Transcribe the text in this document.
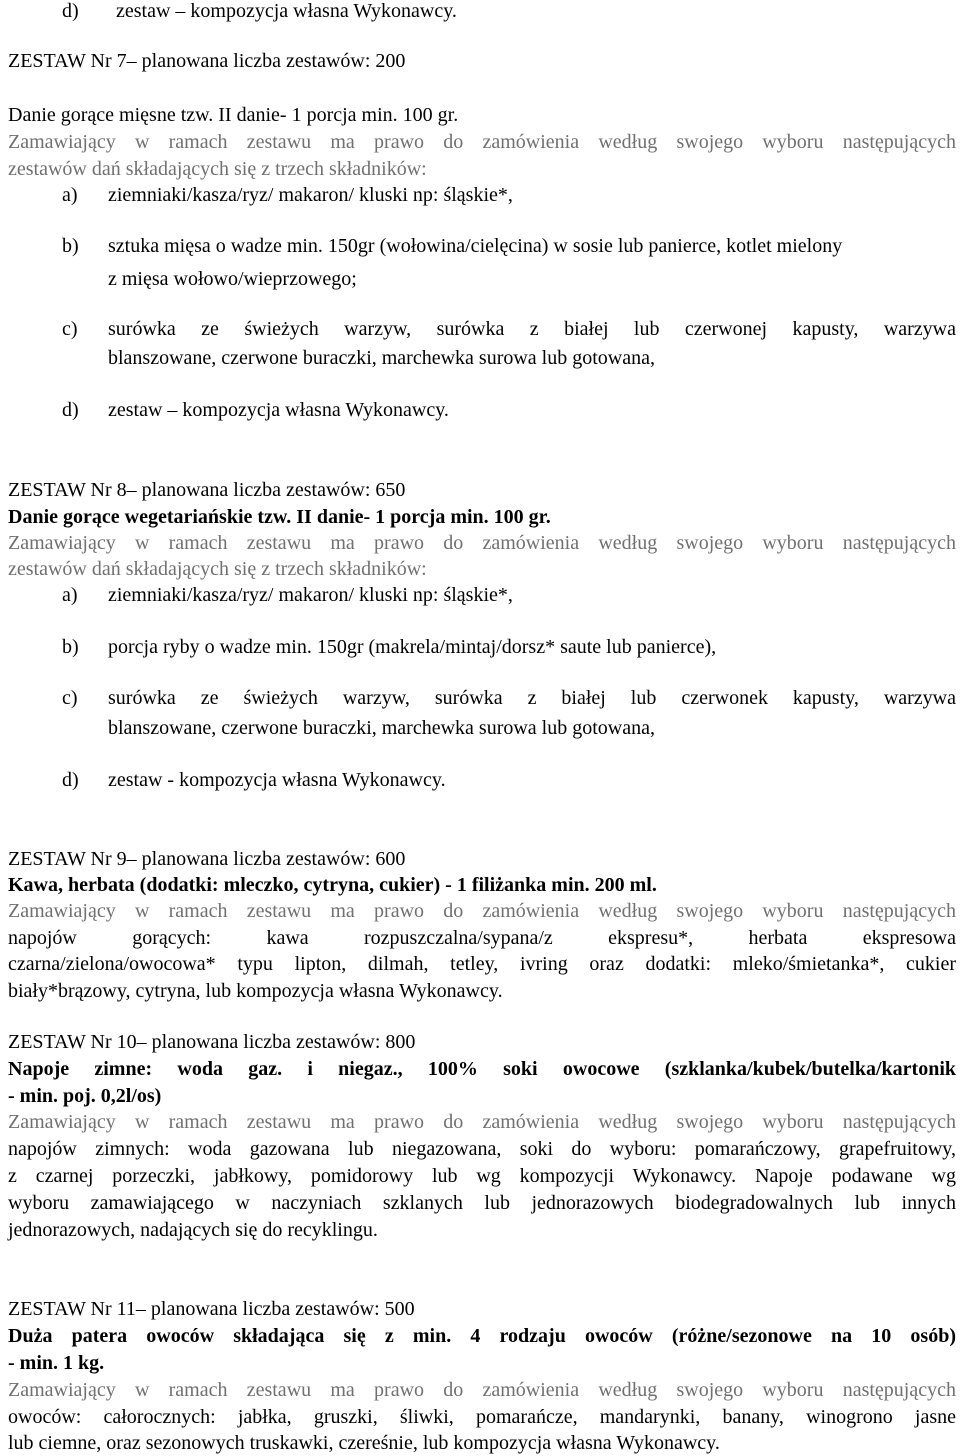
d)	zestaw – kompozycja własna Wykonawcy.
ZESTAW Nr 7– planowana liczba zestawów: 200
Danie gorące mięsne tzw. II danie- 1 porcja min. 100 gr.
Zamawiający w ramach zestawu ma prawo do zamówienia według swojego wyboru następujących
zestawów dań składających się z trzech składników:
a)	ziemniaki/kasza/ryz/ makaron/ kluski np: śląskie*,
b)	sztuka mięsa o wadze min. 150gr (wołowina/cielęcina) w sosie lub panierce, kotlet mielony
z mięsa wołowo/wieprzowego;
c)	surówka ze świeżych warzyw, surówka z białej lub czerwonej kapusty, warzywa
blanszowane, czerwone buraczki, marchewka surowa lub gotowana,
d)	zestaw – kompozycja własna Wykonawcy.
ZESTAW Nr 8– planowana liczba zestawów: 650
Danie gorące wegetariańskie tzw. II danie- 1 porcja min. 100 gr.
Zamawiający w ramach zestawu ma prawo do zamówienia według swojego wyboru następujących
zestawów dań składających się z trzech składników:
a)	ziemniaki/kasza/ryz/ makaron/ kluski np: śląskie*,
b)	porcja ryby o wadze min. 150gr (makrela/mintaj/dorsz* saute lub panierce),
c)	surówka ze świeżych warzyw, surówka z białej lub czerwonek kapusty, warzywa
blanszowane, czerwone buraczki, marchewka surowa lub gotowana,
d)	zestaw - kompozycja własna Wykonawcy.
ZESTAW Nr 9– planowana liczba zestawów: 600
Kawa, herbata (dodatki: mleczko, cytryna, cukier) - 1 filiżanka min. 200 ml.
Zamawiający w ramach zestawu ma prawo do zamówienia według swojego wyboru następujących
napojów gorących: kawa rozpuszczalna/sypana/z ekspresu*, herbata ekspresowa
czarna/zielona/owocowa* typu lipton, dilmah, tetley, ivring oraz dodatki: mleko/śmietanka*, cukier
biały*brązowy, cytryna, lub kompozycja własna Wykonawcy.
ZESTAW Nr 10– planowana liczba zestawów: 800
Napoje zimne: woda gaz. i niegaz., 100% soki owocowe (szklanka/kubek/butelka/kartonik
- min. poj. 0,2l/os)
Zamawiający w ramach zestawu ma prawo do zamówienia według swojego wyboru następujących
napojów zimnych: woda gazowana lub niegazowana, soki do wyboru: pomarańczowy, grapefruitowy,
z czarnej porzeczki, jabłkowy, pomidorowy lub wg kompozycji Wykonawcy. Napoje podawane wg
wyboru zamawiającego w naczyniach szklanych lub jednorazowych biodegradowalnych lub innych
jednorazowych, nadających się do recyklingu.
ZESTAW Nr 11– planowana liczba zestawów: 500
Duża patera owoców składająca się z min. 4 rodzaju owoców (różne/sezonowe na 10 osób)
- min. 1 kg.
Zamawiający w ramach zestawu ma prawo do zamówienia według swojego wyboru następujących
owoców: całorocznych: jabłka, gruszki, śliwki, pomarańcze, mandarynki, banany, winogrono jasne
lub ciemne, oraz sezonowych truskawki, czereśnie, lub kompozycja własna Wykonawcy.
